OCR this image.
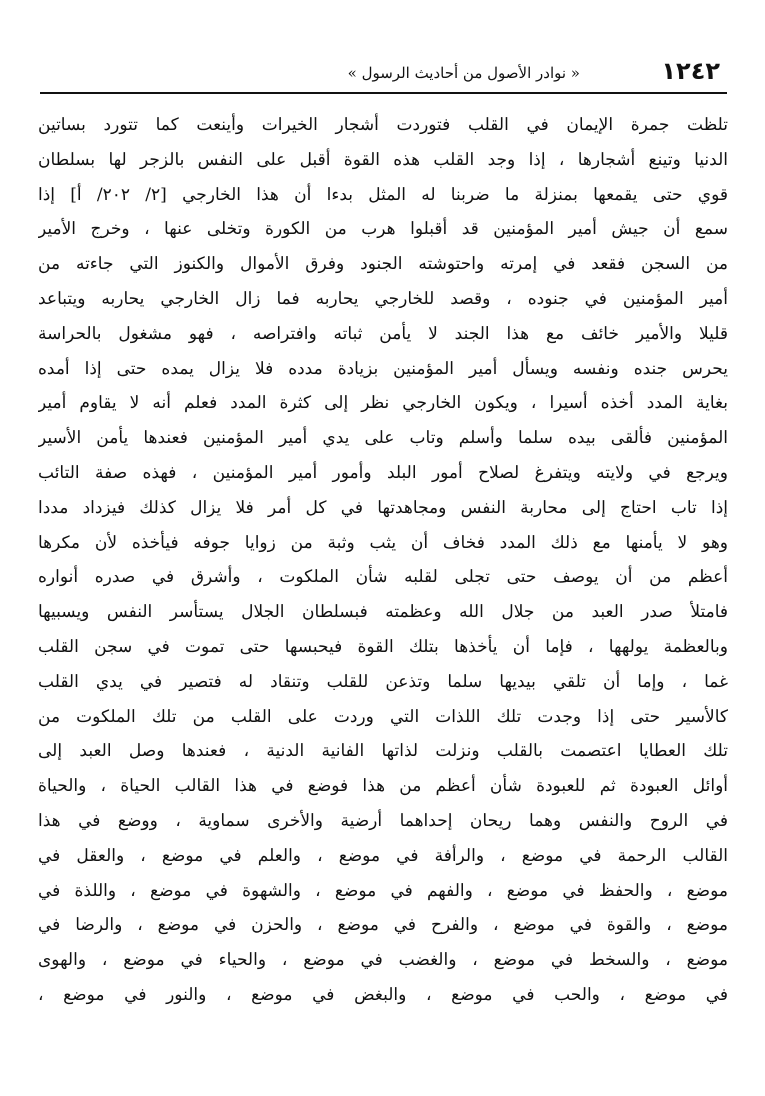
١٢٤٢
« نوادر الأصول من أحاديث الرسول »
تلظت جمرة الإيمان في القلب فتوردت أشجار الخيرات وأينعت كما تتورد بساتين
الدنيا وتينع أشجارها ، إذا وجد القلب هذه القوة أقبل على النفس بالزجر لها بسلطان
قوي حتى يقمعها بمنزلة ما ضربنا له المثل بدءا أن هذا الخارجي [٢/ ٢٠٢/ أ] إذا
سمع أن جيش أمير المؤمنين قد أقبلوا هرب من الكورة وتخلى عنها ، وخرج الأمير
من السجن فقعد في إمرته واحتوشته الجنود وفرق الأموال والكنوز التي جاءته من
أمير المؤمنين في جنوده ، وقصد للخارجي يحاربه فما زال الخارجي يحاربه ويتباعد
قليلا والأمير خائف مع هذا الجند لا يأمن ثباته وافتراصه ، فهو مشغول بالحراسة
يحرس جنده ونفسه ويسأل أمير المؤمنين بزيادة مدده فلا يزال يمده حتى إذا أمده
بغاية المدد أخذه أسيرا ، ويكون الخارجي نظر إلى كثرة المدد فعلم أنه لا يقاوم أمير
المؤمنين فألقى بيده سلما وأسلم وتاب على يدي أمير المؤمنين فعندها يأمن الأسير
ويرجع في ولايته ويتفرغ لصلاح أمور البلد وأمور أمير المؤمنين ، فهذه صفة التائب
إذا تاب احتاج إلى محاربة النفس ومجاهدتها في كل أمر فلا يزال كذلك فيزداد مددا
وهو لا يأمنها مع ذلك المدد فخاف أن يثب وثبة من زوايا جوفه فيأخذه لأن مكرها
أعظم من أن يوصف حتى تجلى لقلبه شأن الملكوت ، وأشرق في صدره أنواره
فامتلأ صدر العبد من جلال الله وعظمته فبسلطان الجلال يستأسر النفس ويسبيها
وبالعظمة يولهها ، فإما أن يأخذها بتلك القوة فيحبسها حتى تموت في سجن القلب
غما ، وإما أن تلقي بيديها سلما وتذعن للقلب وتنقاد له فتصير في يدي القلب
كالأسير حتى إذا وجدت تلك اللذات التي وردت على القلب من تلك الملكوت من
تلك العطايا اعتصمت بالقلب ونزلت لذاتها الفانية الدنية ، فعندها وصل العبد إلى
أوائل العبودة ثم للعبودة شأن أعظم من هذا فوضع في هذا القالب الحياة ، والحياة
في الروح والنفس وهما ريحان إحداهما أرضية والأخرى سماوية ، ووضع في هذا
القالب الرحمة في موضع ، والرأفة في موضع ، والعلم في موضع ، والعقل في
موضع ، والحفظ في موضع ، والفهم في موضع ، والشهوة في موضع ، واللذة في
موضع ، والقوة في موضع ، والفرح في موضع ، والحزن في موضع ، والرضا في
موضع ، والسخط في موضع ، والغضب في موضع ، والحياء في موضع ، والهوى
في موضع ، والحب في موضع ، والبغض في موضع ، والنور في موضع ،
